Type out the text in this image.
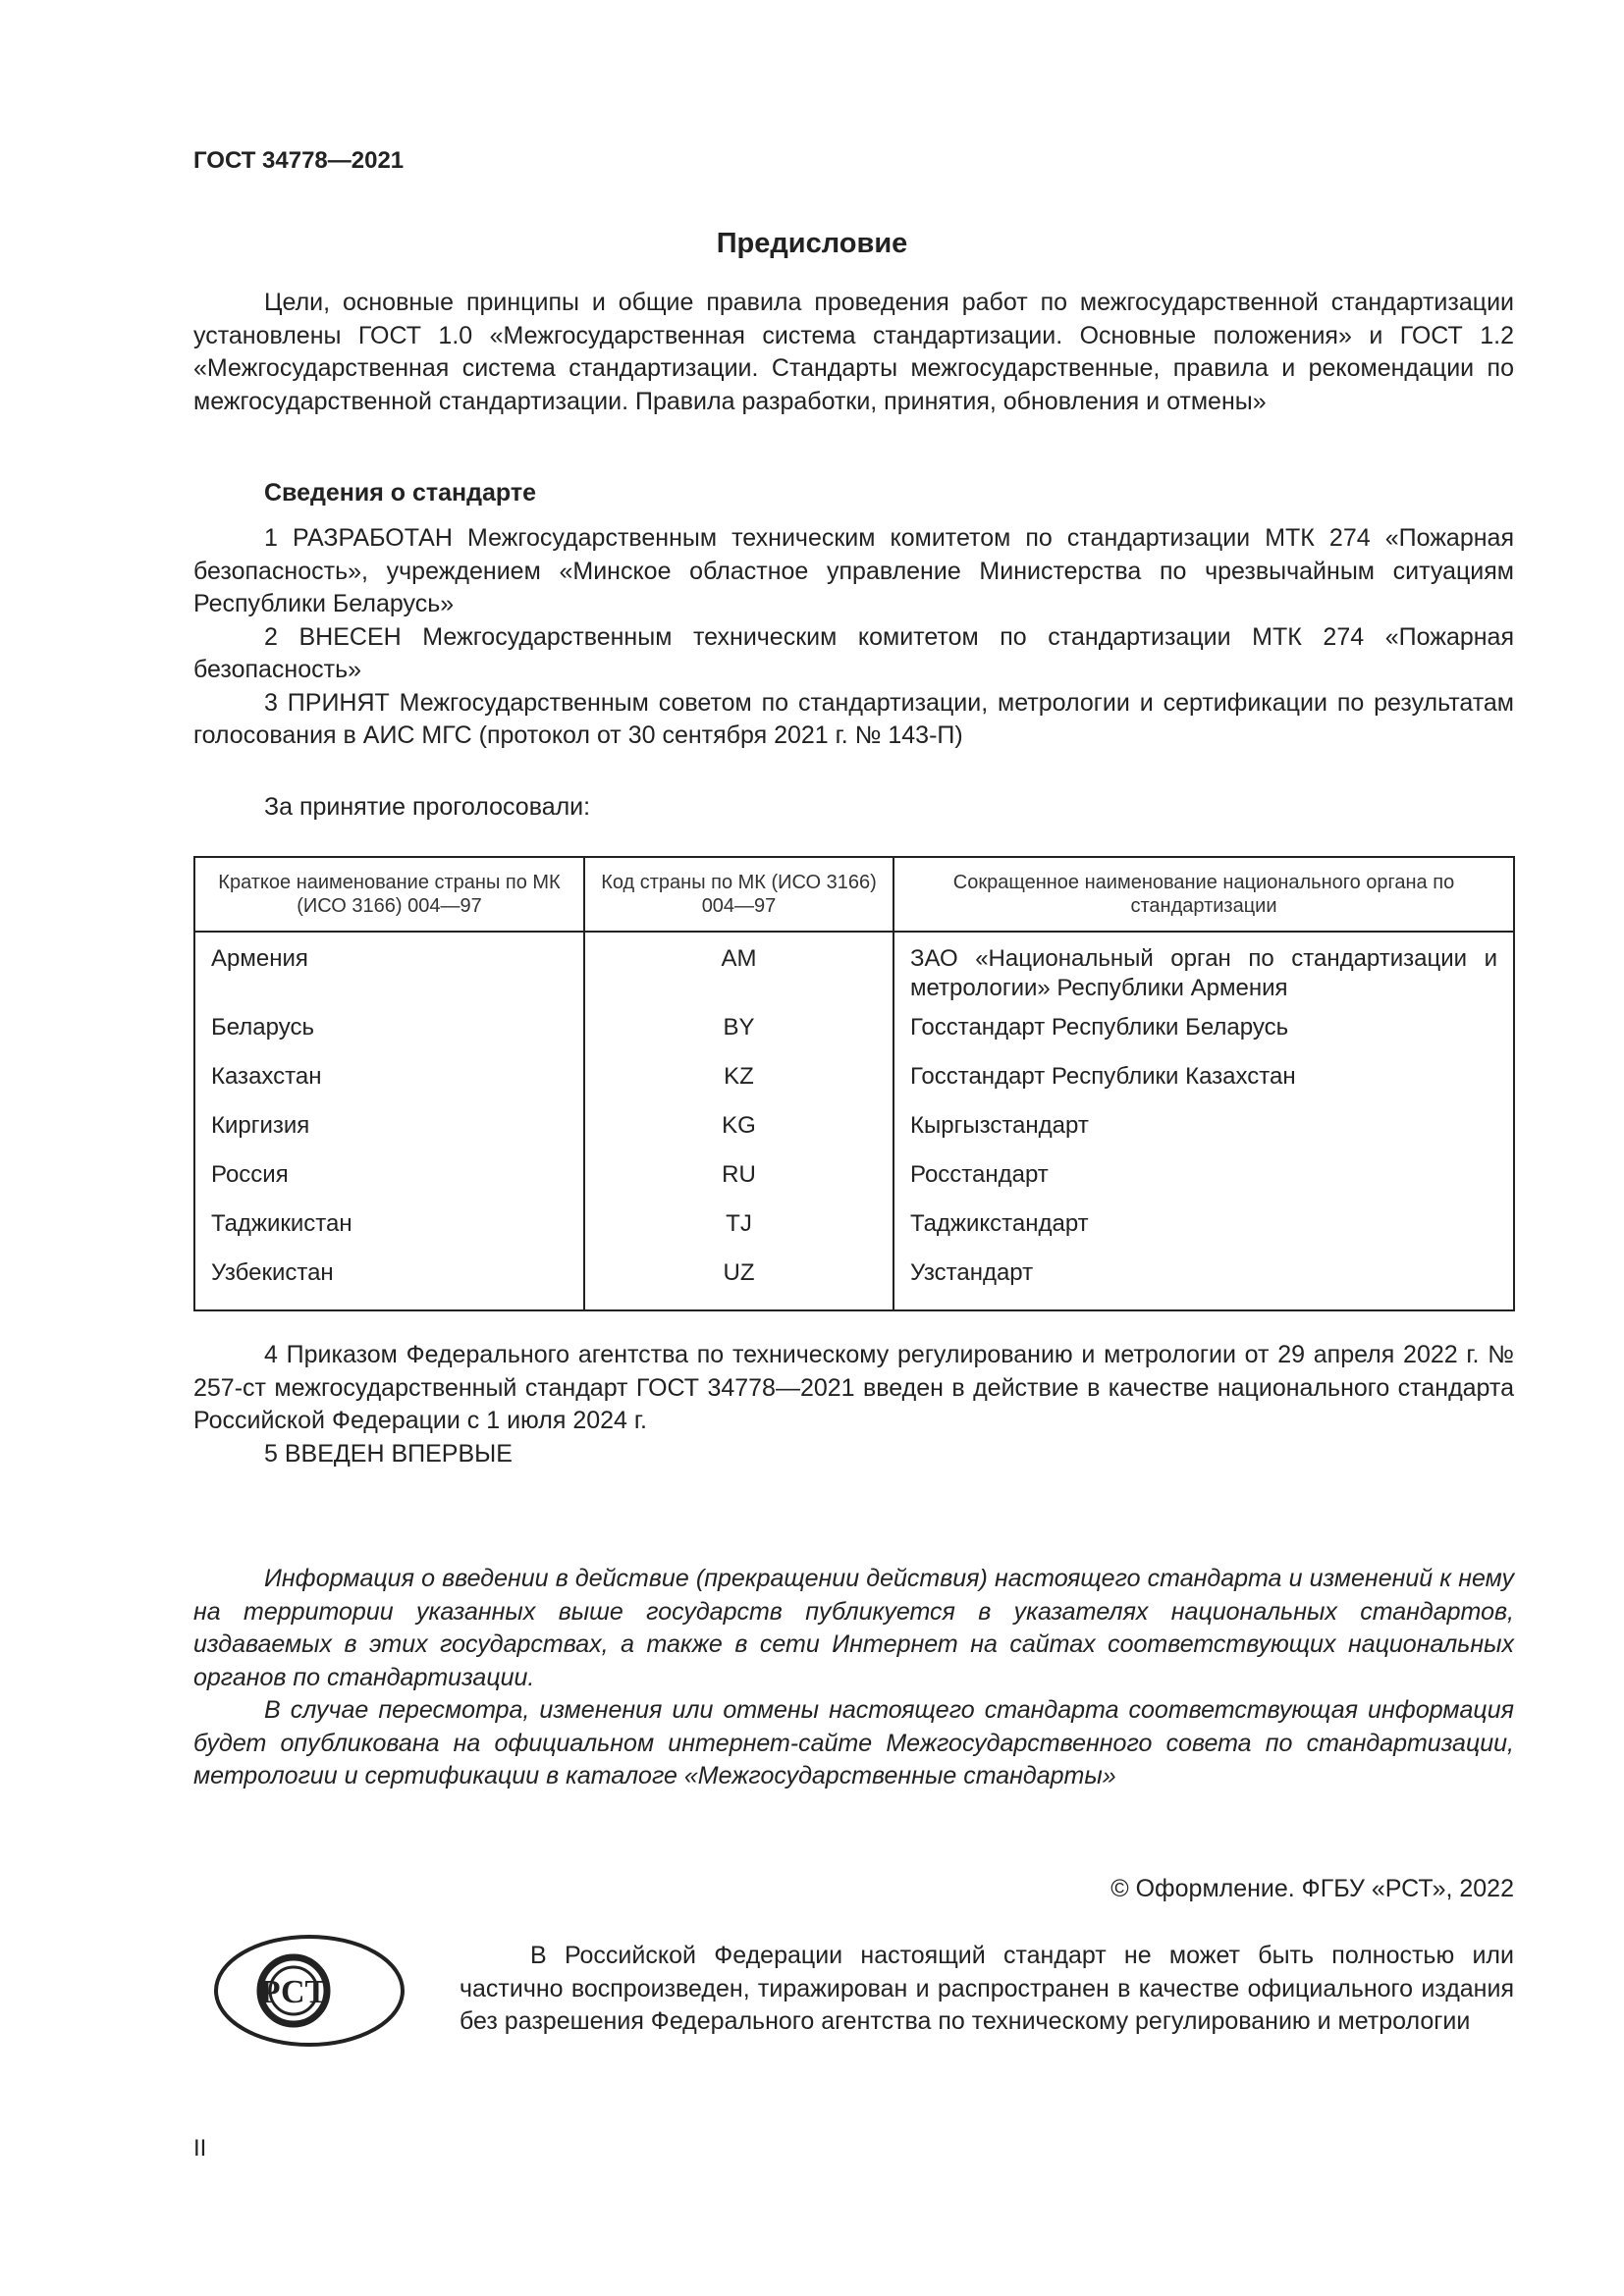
ГОСТ 34778—2021
Предисловие
Цели, основные принципы и общие правила проведения работ по межгосударственной стандартизации установлены ГОСТ 1.0 «Межгосударственная система стандартизации. Основные положения» и ГОСТ 1.2 «Межгосударственная система стандартизации. Стандарты межгосударственные, правила и рекомендации по межгосударственной стандартизации. Правила разработки, принятия, обновления и отмены»
Сведения о стандарте

1 РАЗРАБОТАН Межгосударственным техническим комитетом по стандартизации МТК 274 «Пожарная безопасность», учреждением «Минское областное управление Министерства по чрезвычайным ситуациям Республики Беларусь»

2 ВНЕСЕН Межгосударственным техническим комитетом по стандартизации МТК 274 «Пожарная безопасность»

3 ПРИНЯТ Межгосударственным советом по стандартизации, метрологии и сертификации по результатам голосования в АИС МГС (протокол от 30 сентября 2021 г. № 143-П)

За принятие проголосовали:
Краткое наименование страны по МК (ИСО 3166) 004—97	Код страны по МК (ИСО 3166) 004—97	Сокращенное наименование национального органа по стандартизации
Армения	AM	ЗАО «Национальный орган по стандартизации и метрологии» Республики Армения
Беларусь	BY	Госстандарт Республики Беларусь
Казахстан	KZ	Госстандарт Республики Казахстан
Киргизия	KG	Кыргызстандарт
Россия	RU	Росстандарт
Таджикистан	TJ	Таджикстандарт
Узбекистан	UZ	Узстандарт

4 Приказом Федерального агентства по техническому регулированию и метрологии от 29 апреля 2022 г. № 257-ст межгосударственный стандарт ГОСТ 34778—2021 введен в действие в качестве национального стандарта Российской Федерации с 1 июля 2024 г.

5 ВВЕДЕН ВПЕРВЫЕ

Информация о введении в действие (прекращении действия) настоящего стандарта и изменений к нему на территории указанных выше государств публикуется в указателях национальных стандартов, издаваемых в этих государствах, а также в сети Интернет на сайтах соответствующих национальных органов по стандартизации.

В случае пересмотра, изменения или отмены настоящего стандарта соответствующая информация будет опубликована на официальном интернет-сайте Межгосударственного совета по стандартизации, метрологии и сертификации в каталоге «Межгосударственные стандарты»

© Оформление. ФГБУ «РСТ», 2022
РСТ
В Российской Федерации настоящий стандарт не может быть полностью или частично воспроизведен, тиражирован и распространен в качестве официального издания без разрешения Федерального агентства по техническому регулированию и метрологии
II
